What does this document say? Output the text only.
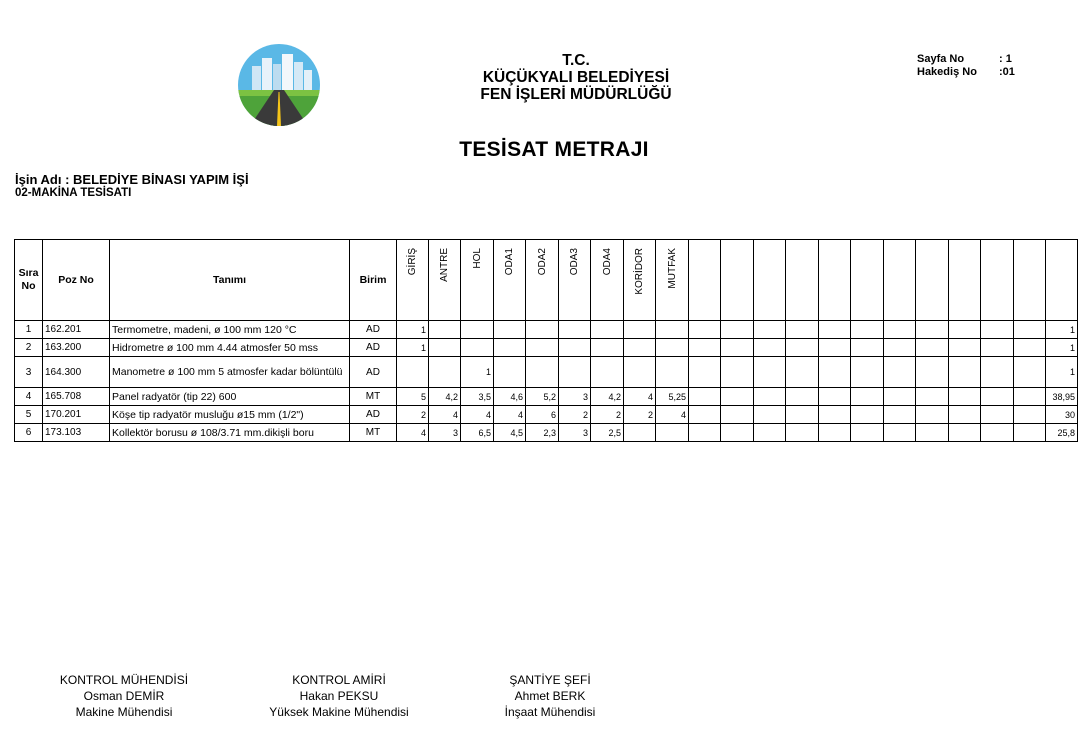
T.C.
KÜÇÜKYALI BELEDİYESİ
FEN İŞLERİ MÜDÜRLÜĞÜ
Sayfa No	: 1
Hakediş No	:01
TESİSAT METRAJI
İşin Adı : BELEDİYE BİNASI YAPIM İŞİ
02-MAKİNA TESİSATI
Sıra No	Poz No	Tanımı	Birim	GİRİŞ	ANTRE	HOL	ODA1	ODA2	ODA3	ODA4	KORİDOR	MUTFAK												

1	162.201	Termometre, madeni, ø 100 mm 120 °C	AD	1																				1
2	163.200	Hidrometre ø 100 mm 4.44 atmosfer 50 mss	AD	1																				1
3	164.300	Manometre ø 100 mm 5 atmosfer kadar bölüntülü	AD			1																		1
4	165.708	Panel radyatör (tip 22) 600	MT	5	4,2	3,5	4,6	5,2	3	4,2	4	5,25												38,95
5	170.201	Köşe tip radyatör musluğu ø15 mm (1/2")	AD	2	4	4	4	6	2	2	2	4												30
6	173.103	Kollektör borusu ø 108/3.71 mm.dikişli boru	MT	4	3	6,5	4,5	2,3	3	2,5														25,8
KONTROL MÜHENDİSİ
Osman DEMİR
Makine Mühendisi
KONTROL AMİRİ
Hakan PEKSU
Yüksek Makine Mühendisi
ŞANTİYE ŞEFİ
Ahmet BERK
İnşaat Mühendisi
